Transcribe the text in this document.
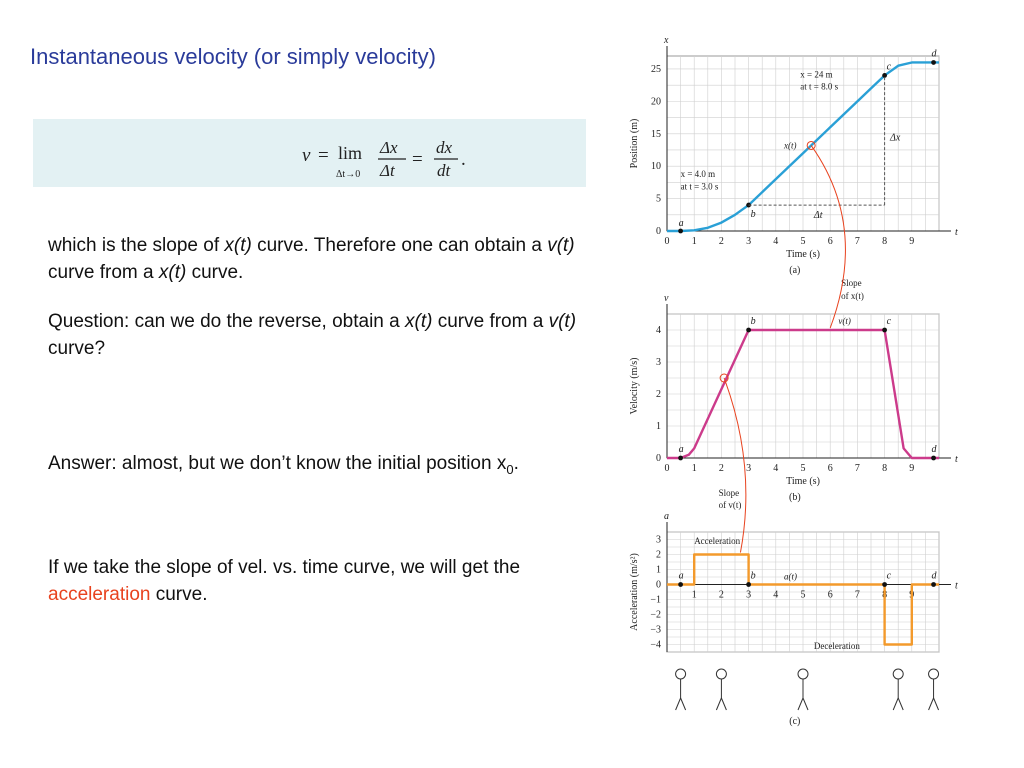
Instantaneous velocity (or simply velocity)
v = lim
Δt→0
Δx
Δt
=
dx
dt
.
which is the slope of x(t) curve. Therefore one can obtain a v(t) curve from a x(t) curve.
Question: can we do the reverse, obtain a x(t) curve from a v(t) curve?
Answer: almost, but we don’t know the initial position $x_0$.
If we take the slope of vel. vs. time curve, we will get the acceleration curve.
t
x
0 1 2 3 4 5 6 7 8 9
0
5
10
15
20
25
Time (s)
Position (m)
(a)
a
b
c
d
t
v
0 1 2 3 4 5 6 7 8 9
0
1
2
3
4
Time (s)
Velocity (m/s)
(b)
a
b	c
d
t
a
1 2 3 4 5 6 7 8 9
3
2
1
0
−1
−2
−3
−4
Acceleration (m/s²)
(c)
a	b	c	d
Δt
Δx
x = 4.0 m
at t = 3.0 s
x = 24 m
at t = 8.0 s
x(t)
Slope
of x(t)
v(t)
Slope
of v(t)
Acceleration
Deceleration
a(t)
